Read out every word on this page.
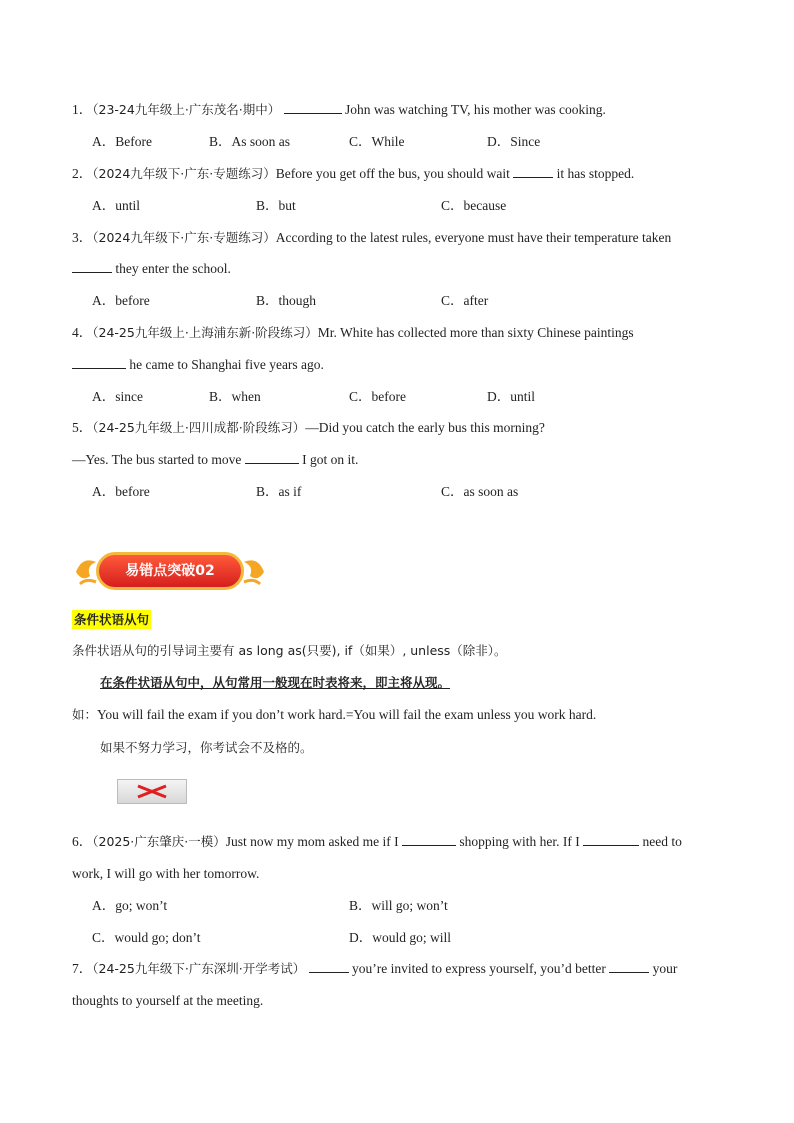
1．（23-24九年级上·广东茂名·期中）	John was watching TV, his mother was cooking.
A．Before	B．As soon as	C．While	D．Since
2．（2024九年级下·广东·专题练习）Before you get off the bus, you should wait	it has stopped.
A．until	B．but	C．because
3．（2024九年级下·广东·专题练习）According to the latest rules, everyone must have their temperature taken
they enter the school.
A．before	B．though	C．after
4．（24-25九年级上·上海浦东新·阶段练习）Mr. White has collected more than sixty Chinese paintings
he came to Shanghai five years ago.
A．since	B．when	C．before	D．until
5．（24-25九年级上·四川成都·阶段练习）—Did you catch the early bus this morning?
—Yes. The bus started to move	I got on it.
A．before	B．as if	C．as soon as
易错点突破02
条件状语从句
条件状语从句的引导词主要有 as long as(只要), if（如果）, unless（除非）。
在条件状语从句中，从句常用一般现在时表将来，即主将从现。
如：You will fail the exam if you don’t work hard.=You will fail the exam unless you work hard.
如果不努力学习，你考试会不及格的。
6．（2025·广东肇庆·一模）Just now my mom asked me if I	shopping with her. If I	need to
work, I will go with her tomorrow.
A．go; won’t	B．will go; won’t
C．would go; don’t	D．would go; will
7．（24-25九年级下·广东深圳·开学考试）	you’re invited to express yourself, you’d better	your
thoughts to yourself at the meeting.
